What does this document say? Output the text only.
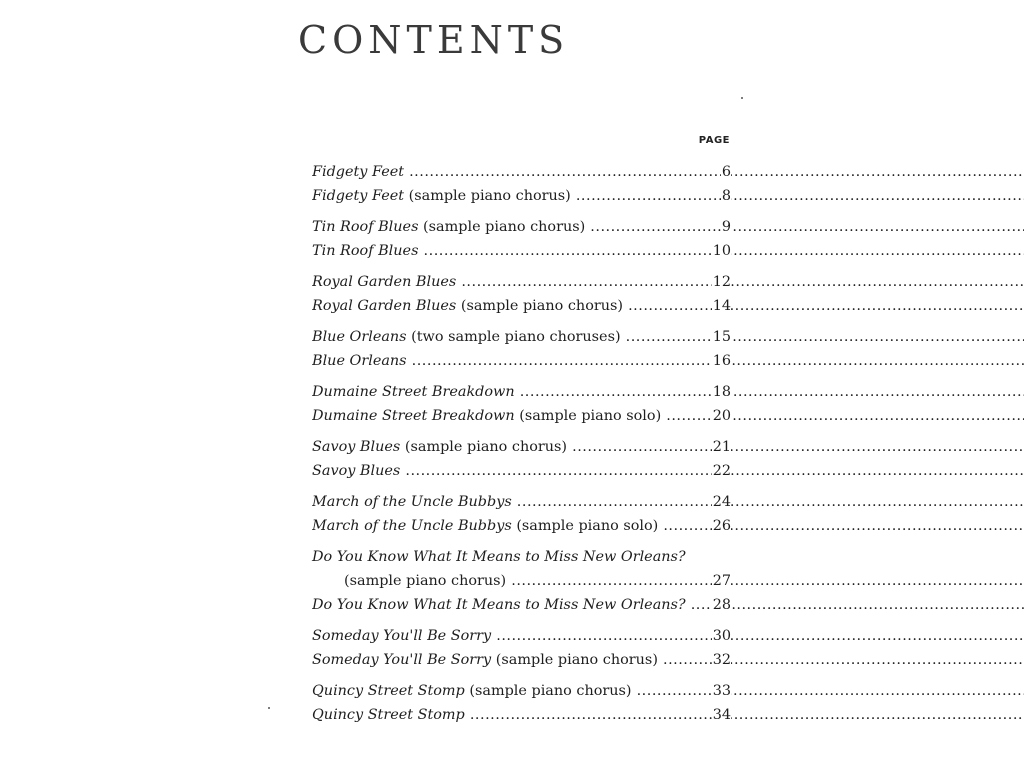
CONTENTS
PAGE
Fidgety Feet .....	6
Fidgety Feet (sample piano chorus) .....	8
Tin Roof Blues (sample piano chorus) .....	9
Tin Roof Blues .....	10
Royal Garden Blues .....	12
Royal Garden Blues (sample piano chorus) .....	14
Blue Orleans (two sample piano choruses) .....	15
Blue Orleans .....	16
Dumaine Street Breakdown .....	18
Dumaine Street Breakdown (sample piano solo) .....	20
Savoy Blues (sample piano chorus) .....	21
Savoy Blues .....	22
March of the Uncle Bubbys .....	24
March of the Uncle Bubbys (sample piano solo) .....	26
Do You Know What It Means to Miss New Orleans?
(sample piano chorus) .....	27
Do You Know What It Means to Miss New Orleans? .....	28
Someday You'll Be Sorry .....	30
Someday You'll Be Sorry (sample piano chorus) .....	32
Quincy Street Stomp (sample piano chorus) .....	33
Quincy Street Stomp .....	34
